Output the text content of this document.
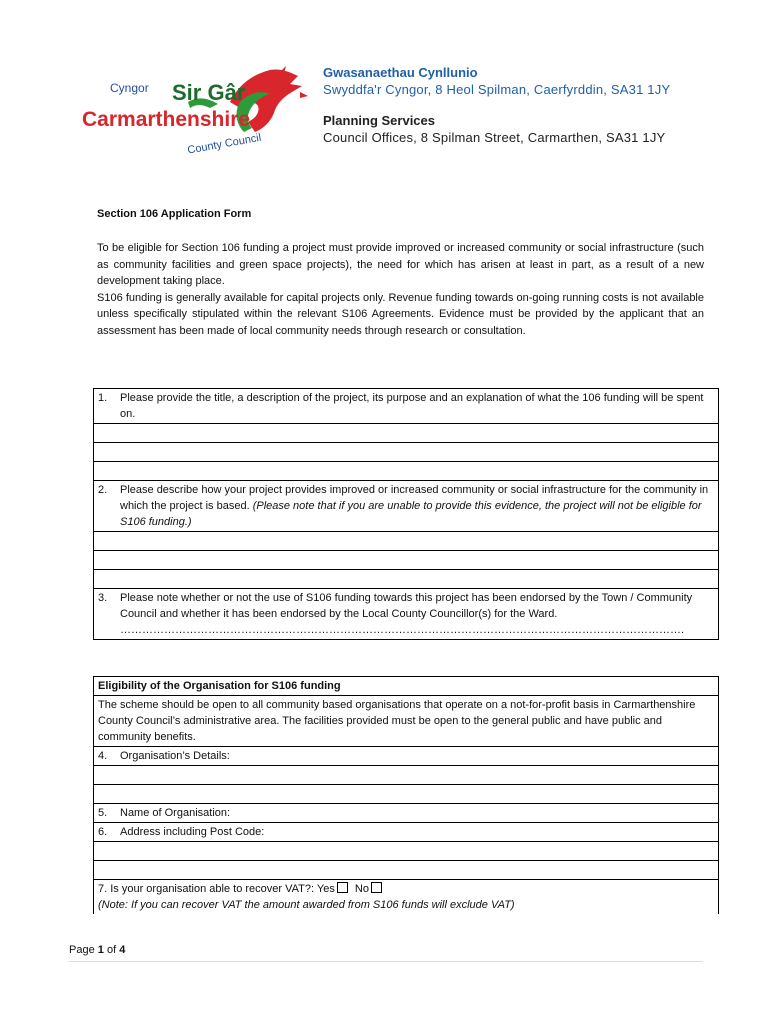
Cyngor Sir Gâr
Carmarthenshire
County Council
Gwasanaethau Cynllunio
Swyddfa'r Cyngor, 8 Heol Spilman, Caerfyrddin, SA31 1JY
Planning Services
Council Offices, 8 Spilman Street, Carmarthen, SA31 1JY
Section 106 Application Form

To be eligible for Section 106 funding a project must provide improved or increased community or social infrastructure (such as community facilities and green space projects), the need for which has arisen at least in part, as a result of a new development taking place.

S106 funding is generally available for capital projects only. Revenue funding towards on-going running costs is not available unless specifically stipulated within the relevant S106 Agreements. Evidence must be provided by the applicant that an assessment has been made of local community needs through research or consultation.

1.	Please provide the title, a description of the project, its purpose and an explanation of what the 106 funding will be spent on.

2.	Please describe how your project provides improved or increased community or social infrastructure for the community in which the project is based. (Please note that if you are unable to provide this evidence, the project will not be eligible for S106 funding.)

3.	Please note whether or not the use of S106 funding towards this project has been endorsed by the Town / Community Council and whether it has been endorsed by the Local County Councillor(s) for the Ward. ……………………………………………………………………………………………………………………………………….
Eligibility of the Organisation for S106 funding
The scheme should be open to all community based organisations that operate on a not-for-profit basis in Carmarthenshire County Council’s administrative area. The facilities provided must be open to the general public and have public and community benefits.

4.	Organisation’s Details:

5.	Name of Organisation:

6.	Address including Post Code:

7. Is your organisation able to recover VAT?: Yes No
(Note: If you can recover VAT the amount awarded from S106 funds will exclude VAT)
Page 1 of 4
